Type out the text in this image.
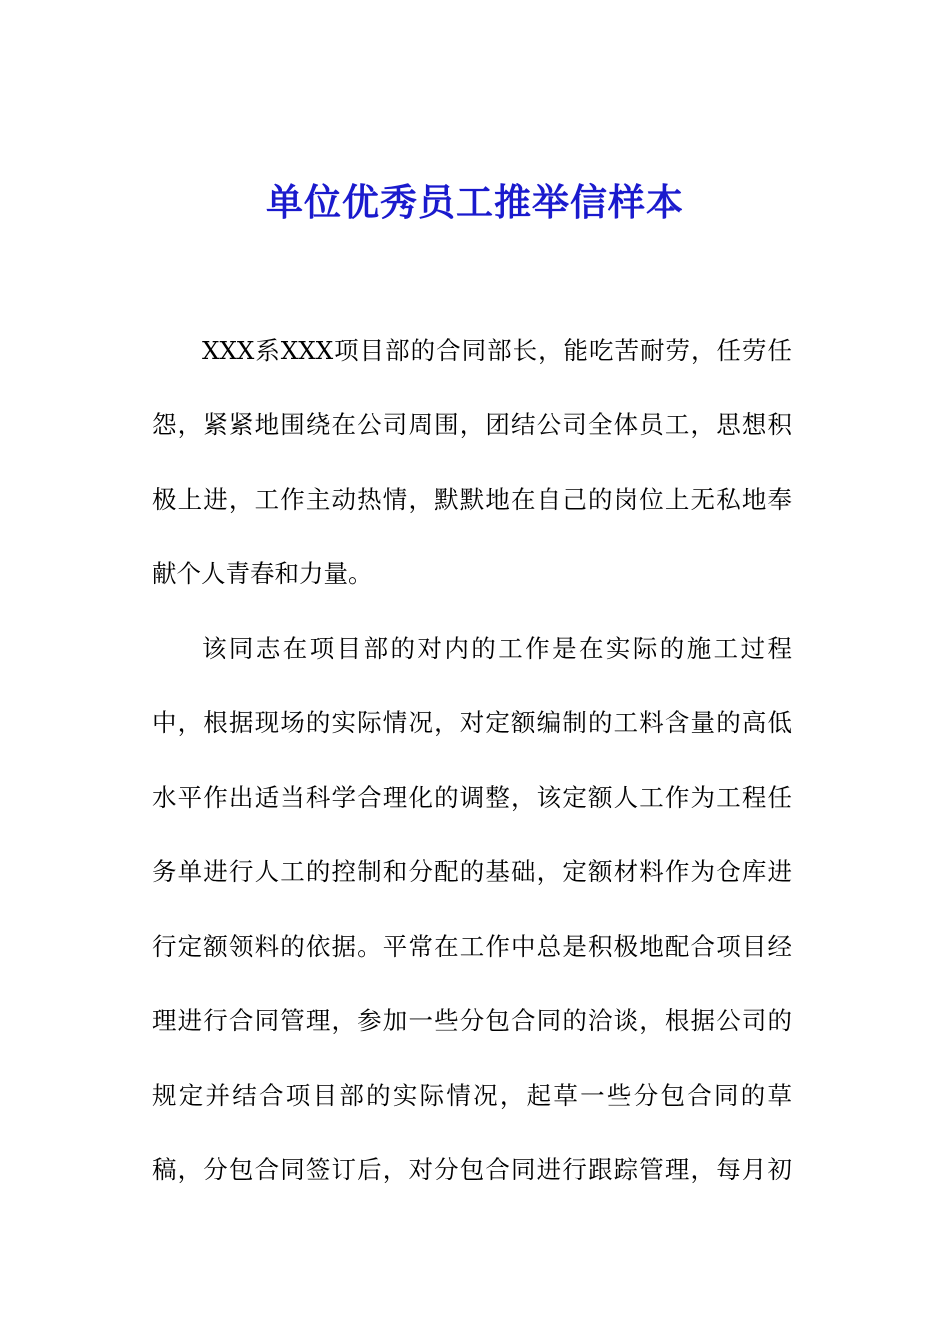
单位优秀员工推举信样本
XXX系XXX项目部的合同部长，能吃苦耐劳，任劳任
怨，紧紧地围绕在公司周围，团结公司全体员工，思想积
极上进，工作主动热情，默默地在自己的岗位上无私地奉
献个人青春和力量。
该同志在项目部的对内的工作是在实际的施工过程
中，根据现场的实际情况，对定额编制的工料含量的高低
水平作出适当科学合理化的调整，该定额人工作为工程任
务单进行人工的控制和分配的基础，定额材料作为仓库进
行定额领料的依据。平常在工作中总是积极地配合项目经
理进行合同管理，参加一些分包合同的洽谈，根据公司的
规定并结合项目部的实际情况，起草一些分包合同的草
稿，分包合同签订后，对分包合同进行跟踪管理，每月初
